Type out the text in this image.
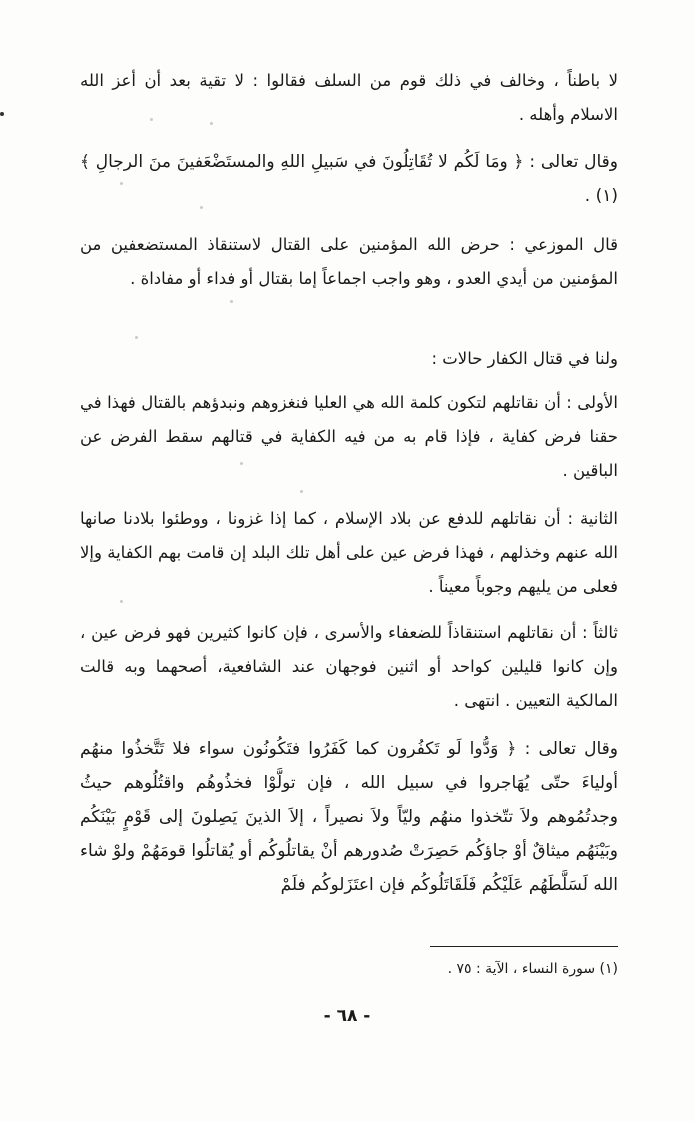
لا باطناً ، وخالف في ذلك قوم من السلف فقالوا : لا تقية بعد أن أعز الله الاسلام وأهله .

وقال تعالى : ﴿ ومَا لَكُم لا تُقَاتِلُونَ في سَبيلِ اللهِ والمستَضْعَفينَ منَ الرجالِ ﴾ (١) .

قال الموزعي : حرض الله المؤمنين على القتال لاستنقاذ المستضعفين من المؤمنين من أيدي العدو ، وهو واجب اجماعاً إما بقتال أو فداء أو مفاداة .

ولنا في قتال الكفار حالات :

الأولى : أن نقاتلهم لتكون كلمة الله هي العليا فنغزوهم ونبدؤهم بالقتال فهذا في حقنا فرض كفاية ، فإذا قام به من فيه الكفاية في قتالهم سقط الفرض عن الباقين .

الثانية : أن نقاتلهم للدفع عن بلاد الإسلام ، كما إذا غزونا ، ووطئوا بلادنا صانها الله عنهم وخذلهم ، فهذا فرض عين على أهل تلك البلد إن قامت بهم الكفاية وإلا فعلى من يليهم وجوباً معيناً .

ثالثاً : أن نقاتلهم استنقاذاً للضعفاء والأسرى ، فإن كانوا كثيرين فهو فرض عين ، وإن كانوا قليلين كواحد أو اثنين فوجهان عند الشافعية، أصحهما وبه قالت المالكية التعيين . انتهى .

وقال تعالى : ﴿ وَدُّوا لَو تَكفُرون كما كَفَرُوا فتَكُونُون سواء فلا تَتَّخذُوا منهُم أولياءَ حتّى يُهَاجروا في سبيل الله ، فإن تولَّوْا فخذُوهُم واقتُلُوهم حيثُ وجدتُمُوهم ولاَ تتّخذوا منهُم وليّاً ولاَ نصيراً ، إلاَ الذينَ يَصِلونَ إلى قَوْمٍ بَيْنَكُم وبَيْنَهُم ميثاقٌ أوْ جاؤكُم حَصِرَتْ صُدورهم أنْ يقاتلُوكُم أو يُقاتلُوا قومَهُمْ ولوْ شاء الله لَسَلَّطَهُم عَلَيْكُم فَلَقَاتَلُوكُم فإن اعتَزَلوكُم فلَمْ

(١) سورة النساء ، الآية : ٧٥ .
- ٦٨ -
